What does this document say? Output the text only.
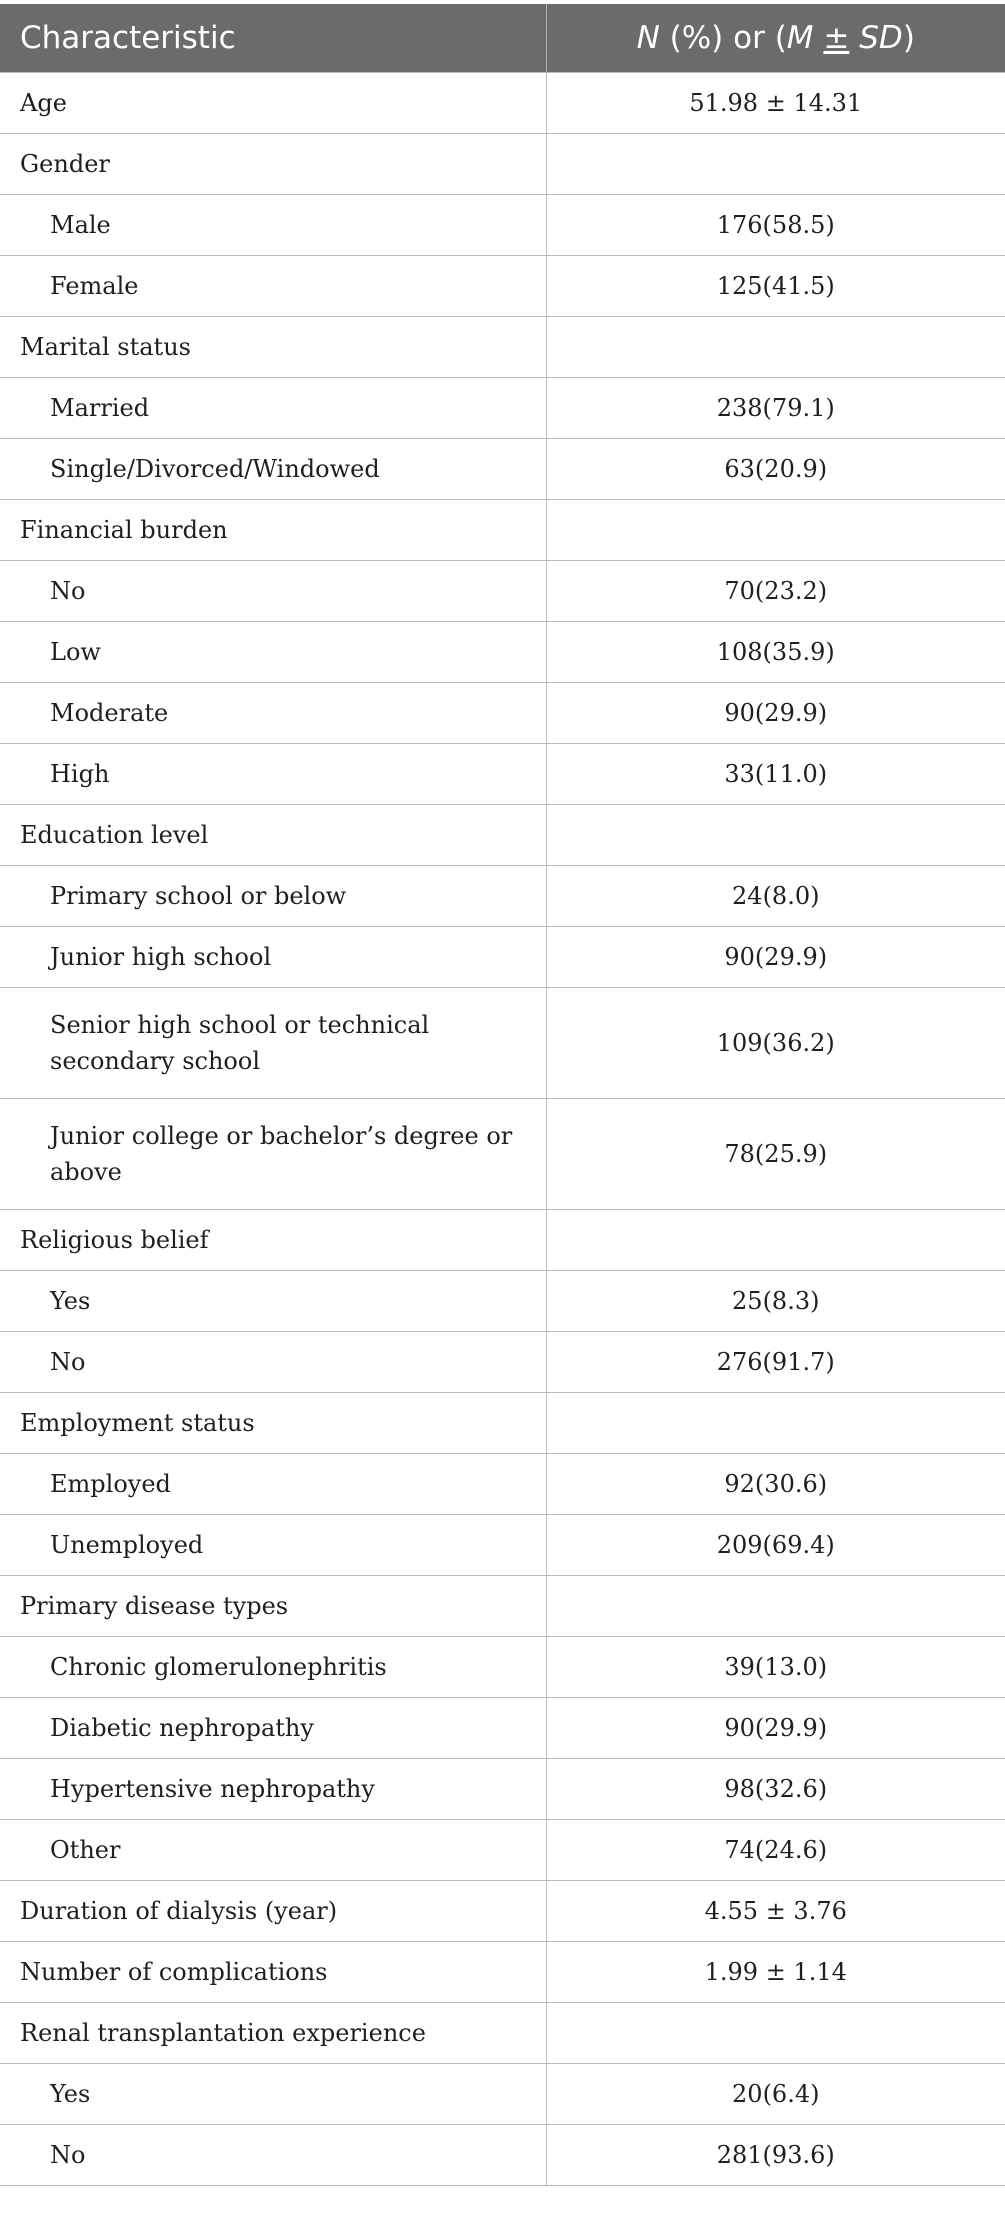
Characteristic	N (%) or (M ± SD)
Age	51.98 ± 14.31
Gender	
Male	176(58.5)
Female	125(41.5)
Marital status	
Married	238(79.1)
Single/Divorced/Windowed	63(20.9)
Financial burden	
No	70(23.2)
Low	108(35.9)
Moderate	90(29.9)
High	33(11.0)
Education level	
Primary school or below	24(8.0)
Junior high school	90(29.9)
Senior high school or technical secondary school	109(36.2)
Junior college or bachelor’s degree or above	78(25.9)
Religious belief	
Yes	25(8.3)
No	276(91.7)
Employment status	
Employed	92(30.6)
Unemployed	209(69.4)
Primary disease types	
Chronic glomerulonephritis	39(13.0)
Diabetic nephropathy	90(29.9)
Hypertensive nephropathy	98(32.6)
Other	74(24.6)
Duration of dialysis (year)	4.55 ± 3.76
Number of complications	1.99 ± 1.14
Renal transplantation experience	
Yes	20(6.4)
No	281(93.6)
